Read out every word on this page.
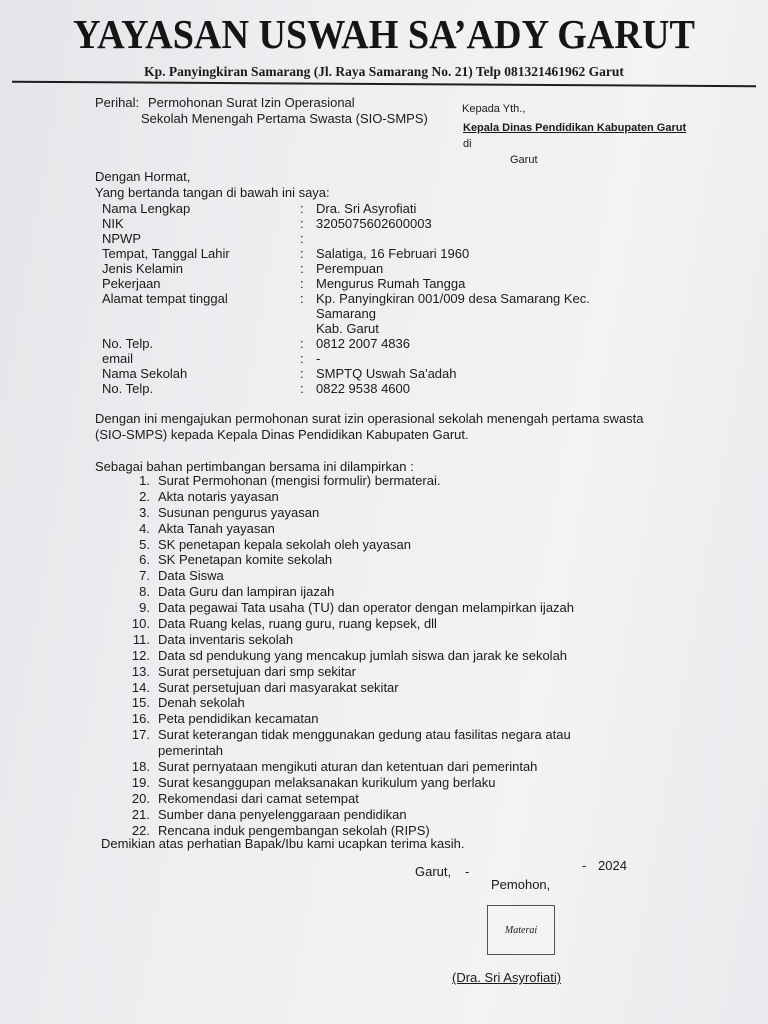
YAYASAN USWAH SA’ADY GARUT
Kp. Panyingkiran Samarang (Jl. Raya Samarang No. 21) Telp 081321461962 Garut
Perihal: Permohonan Surat Izin Operasional
Sekolah Menengah Pertama Swasta (SIO-SMPS)
Kepada Yth.,
Kepala Dinas Pendidikan Kabupaten Garut
di
Garut
Dengan Hormat,
Yang bertanda tangan di bawah ini saya:
Nama Lengkap	: Dra. Sri Asyrofiati
NIK	: 3205075602600003
NPWP	:
Tempat, Tanggal Lahir	: Salatiga, 16 Februari 1960
Jenis Kelamin	: Perempuan
Pekerjaan	: Mengurus Rumah Tangga
Alamat tempat tinggal	: Kp. Panyingkiran 001/009 desa Samarang Kec.
Samarang
Kab. Garut
No. Telp.	: 0812 2007 4836
email	: -
Nama Sekolah	: SMPTQ Uswah Sa'adah
No. Telp.	: 0822 9538 4600
Dengan ini mengajukan permohonan surat izin operasional sekolah menengah pertama swasta
(SIO-SMPS) kepada Kepala Dinas Pendidikan Kabupaten Garut.
Sebagai bahan pertimbangan bersama ini dilampirkan :
1. Surat Permohonan (mengisi formulir) bermaterai.
2. Akta notaris yayasan
3. Susunan pengurus yayasan
4. Akta Tanah yayasan
5. SK penetapan kepala sekolah oleh yayasan
6. SK Penetapan komite sekolah
7. Data Siswa
8. Data Guru dan lampiran ijazah
9. Data pegawai Tata usaha (TU) dan operator dengan melampirkan ijazah
10. Data Ruang kelas, ruang guru, ruang kepsek, dll
11. Data inventaris sekolah
12. Data sd pendukung yang mencakup jumlah siswa dan jarak ke sekolah
13. Surat persetujuan dari smp sekitar
14. Surat persetujuan dari masyarakat sekitar
15. Denah sekolah
16. Peta pendidikan kecamatan
17. Surat keterangan tidak menggunakan gedung atau fasilitas negara atau
pemerintah
18. Surat pernyataan mengikuti aturan dan ketentuan dari pemerintah
19. Surat kesanggupan melaksanakan kurikulum yang berlaku
20. Rekomendasi dari camat setempat
21. Sumber dana penyelenggaraan pendidikan
22. Rencana induk pengembangan sekolah (RIPS)
Demikian atas perhatian Bapak/Ibu kami ucapkan terima kasih.
Garut, -	- 2024
Pemohon,
Materai
(Dra. Sri Asyrofiati)
